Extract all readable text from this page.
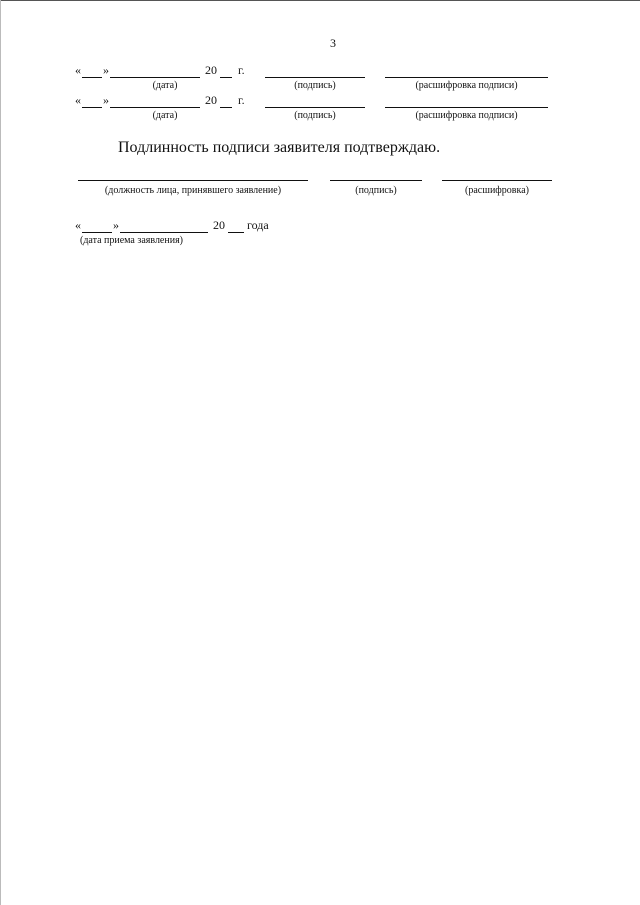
3
« »	20 г.
(дата)	(подпись)	(расшифровка подписи)
« »	20 г.
(дата)	(подпись)	(расшифровка подписи)
Подлинность подписи заявителя подтверждаю.
(должность лица, принявшего заявление)	(подпись)	(расшифровка)
«	»	20 года
(дата приема заявления)
